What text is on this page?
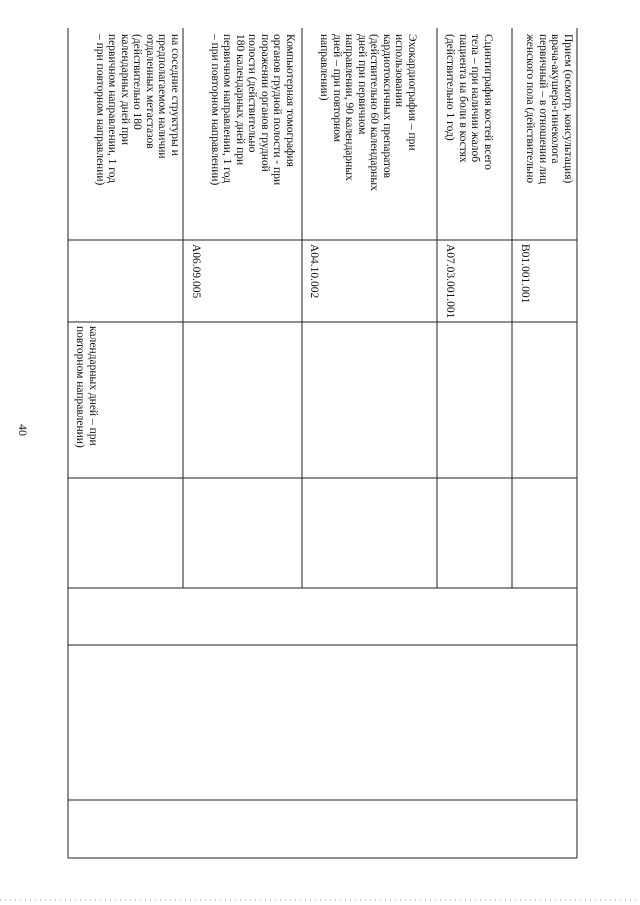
40
на соседние структуры и
предполагаемом наличии
отдаленных метастазов
(действительно 180
календарных дней при
первичном направлении, 1 год
– при повторном направлении)
календарных дней – при
повторном направлении)
Компьютерная томография
органов грудной полости - при
поражении органов грудной
полости (действительно
180 календарных дней при
первичном направлении, 1 год
– при повторном направлении)
A06.09.005
Эхокардиография – при
использовании
кардиотоксичных препаратов
(действительно 60 календарных
дней при первичном
направлении, 90 календарных
дней – при повторном
направлении)
A04.10.002
Сцинтиграфия костей всего
тела – при наличии жалоб
пациента на боли в костях
(действительно 1 год)
A07.03.001.001
Прием (осмотр, консультация)
врача-акушера-гинеколога
первичный – в отношении лиц
женского пола (действительно
B01.001.001
